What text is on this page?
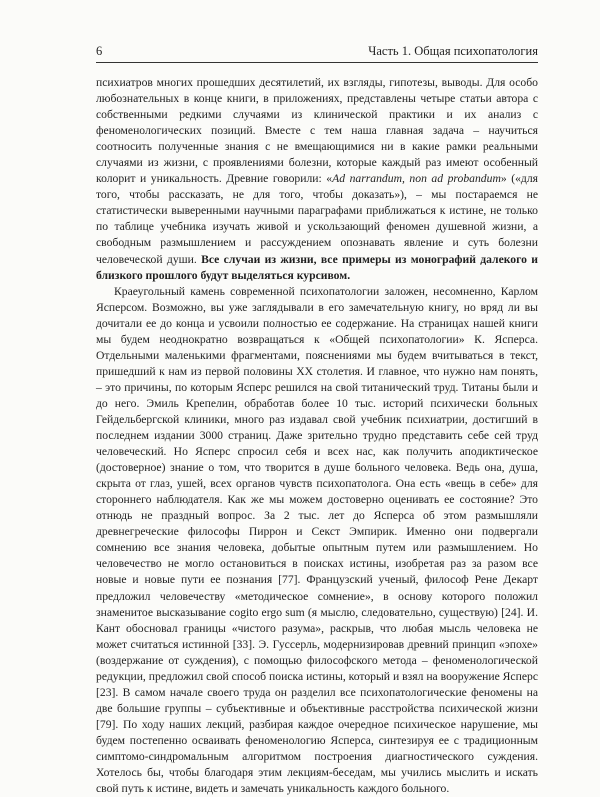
6	Часть 1. Общая психопатология

психиатров многих прошедших десятилетий, их взгляды, гипотезы, выводы. Для особо любознательных в конце книги, в приложениях, представлены четыре статьи автора с собственными редкими случаями из клинической практики и их анализ с феноменологических позиций. Вместе с тем наша главная задача – научиться соотносить полученные знания с не вмещающимися ни в какие рамки реальными случаями из жизни, с проявлениями болезни, которые каждый раз имеют особенный колорит и уникальность. Древние говорили: «Ad narrandum, non ad probandum» («для того, чтобы рассказать, не для того, чтобы доказать»), – мы постараемся не статистически выверенными научными параграфами приближаться к истине, не только по таблице учебника изучать живой и ускользающий феномен душевной жизни, а свободным размышлением и рассуждением опознавать явление и суть болезни человеческой души. Все случаи из жизни, все примеры из монографий далекого и близкого прошлого будут выделяться курсивом.

Краеугольный камень современной психопатологии заложен, несомненно, Карлом Ясперсом. Возможно, вы уже заглядывали в его замечательную книгу, но вряд ли вы дочитали ее до конца и усвоили полностью ее содержание. На страницах нашей книги мы будем неоднократно возвращаться к «Общей психопатологии» К. Ясперса. Отдельными маленькими фрагментами, пояснениями мы будем вчитываться в текст, пришедший к нам из первой половины XX столетия. И главное, что нужно нам понять, – это причины, по которым Ясперс решился на свой титанический труд. Титаны были и до него. Эмиль Крепелин, обработав более 10 тыс. историй психически больных Гейдельбергской клиники, много раз издавал свой учебник психиатрии, достигший в последнем издании 3000 страниц. Даже зрительно трудно представить себе сей труд человеческий. Но Ясперс спросил себя и всех нас, как получить аподиктическое (достоверное) знание о том, что творится в душе больного человека. Ведь она, душа, скрыта от глаз, ушей, всех органов чувств психопатолога. Она есть «вещь в себе» для стороннего наблюдателя. Как же мы можем достоверно оценивать ее состояние? Это отнюдь не праздный вопрос. За 2 тыс. лет до Ясперса об этом размышляли древнегреческие философы Пиррон и Секст Эмпирик. Именно они подвергали сомнению все знания человека, добытые опытным путем или размышлением. Но человечество не могло остановиться в поисках истины, изобретая раз за разом все новые и новые пути ее познания [77]. Французский ученый, философ Рене Декарт предложил человечеству «методическое сомнение», в основу которого положил знаменитое высказывание cogito ergo sum (я мыслю, следовательно, существую) [24]. И. Кант обосновал границы «чистого разума», раскрыв, что любая мысль человека не может считаться истинной [33]. Э. Гуссерль, модернизировав древний принцип «эпохе» (воздержание от суждения), с помощью философского метода – феноменологической редукции, предложил свой способ поиска истины, который и взял на вооружение Ясперс [23]. В самом начале своего труда он разделил все психопатологические феномены на две большие группы – субъективные и объективные расстройства психической жизни [79]. По ходу наших лекций, разбирая каждое очередное психическое нарушение, мы будем постепенно осваивать феноменологию Ясперса, синтезируя ее с традиционным симптомо-синдромальным алгоритмом построения диагностического суждения. Хотелось бы, чтобы благодаря этим лекциям-беседам, мы учились мыслить и искать свой путь к истине, видеть и замечать уникальность каждого больного.
